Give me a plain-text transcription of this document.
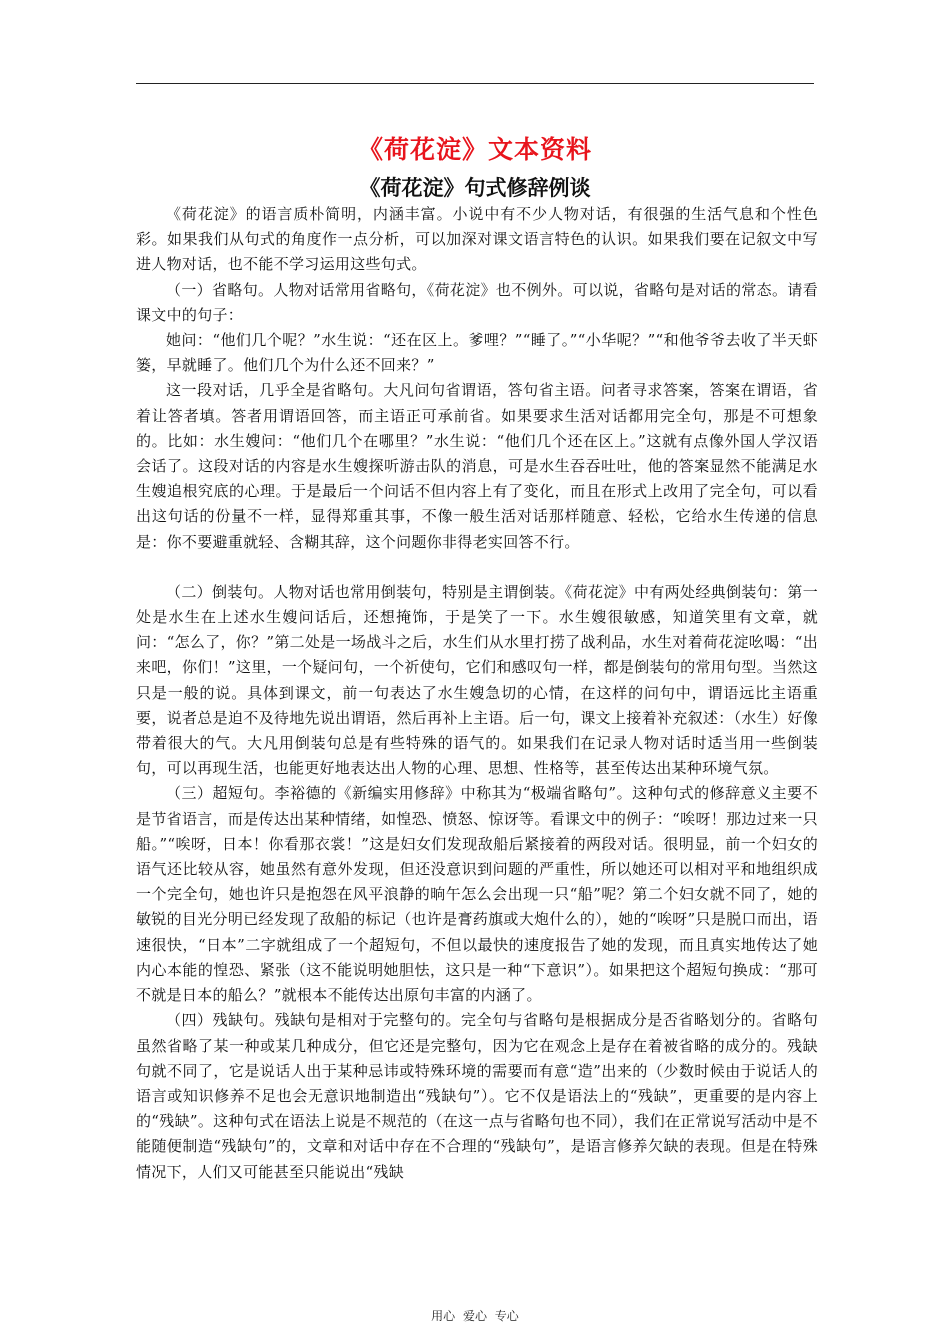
《荷花淀》文本资料
《荷花淀》句式修辞例谈

《荷花淀》的语言质朴简明，内涵丰富。小说中有不少人物对话，有很强的生活气息和个性色彩。如果我们从句式的角度作一点分析，可以加深对课文语言特色的认识。如果我们要在记叙文中写进人物对话，也不能不学习运用这些句式。

（一）省略句。人物对话常用省略句，《荷花淀》也不例外。可以说，省略句是对话的常态。请看课文中的句子：

她问：“他们几个呢？”水生说：“还在区上。爹哩？”“睡了。”“小华呢？”“和他爷爷去收了半天虾篓，早就睡了。他们几个为什么还不回来？”

这一段对话，几乎全是省略句。大凡问句省谓语，答句省主语。问者寻求答案，答案在谓语，省着让答者填。答者用谓语回答，而主语正可承前省。如果要求生活对话都用完全句，那是不可想象的。比如：水生嫂问：“他们几个在哪里？”水生说：“他们几个还在区上。”这就有点像外国人学汉语会话了。这段对话的内容是水生嫂探听游击队的消息，可是水生吞吞吐吐，他的答案显然不能满足水生嫂追根究底的心理。于是最后一个问话不但内容上有了变化，而且在形式上改用了完全句，可以看出这句话的份量不一样，显得郑重其事，不像一般生活对话那样随意、轻松，它给水生传递的信息是：你不要避重就轻、含糊其辞，这个问题你非得老实回答不行。

（二）倒装句。人物对话也常用倒装句，特别是主谓倒装。《荷花淀》中有两处经典倒装句：第一处是水生在上述水生嫂问话后，还想掩饰，于是笑了一下。水生嫂很敏感，知道笑里有文章，就问：“怎么了，你？”第二处是一场战斗之后，水生们从水里打捞了战利品，水生对着荷花淀吆喝：“出来吧，你们！”这里，一个疑问句，一个祈使句，它们和感叹句一样，都是倒装句的常用句型。当然这只是一般的说。具体到课文，前一句表达了水生嫂急切的心情，在这样的问句中，谓语远比主语重要，说者总是迫不及待地先说出谓语，然后再补上主语。后一句，课文上接着补充叙述：（水生）好像带着很大的气。大凡用倒装句总是有些特殊的语气的。如果我们在记录人物对话时适当用一些倒装句，可以再现生活，也能更好地表达出人物的心理、思想、性格等，甚至传达出某种环境气氛。

（三）超短句。李裕德的《新编实用修辞》中称其为“极端省略句”。这种句式的修辞意义主要不是节省语言，而是传达出某种情绪，如惶恐、愤怒、惊讶等。看课文中的例子：“唉呀！那边过来一只船。”“唉呀，日本！你看那衣裳！”这是妇女们发现敌船后紧接着的两段对话。很明显，前一个妇女的语气还比较从容，她虽然有意外发现，但还没意识到问题的严重性，所以她还可以相对平和地组织成一个完全句，她也许只是抱怨在风平浪静的晌午怎么会出现一只“船”呢？第二个妇女就不同了，她的敏锐的目光分明已经发现了敌船的标记（也许是膏药旗或大炮什么的），她的“唉呀”只是脱口而出，语速很快，“日本”二字就组成了一个超短句，不但以最快的速度报告了她的发现，而且真实地传达了她内心本能的惶恐、紧张（这不能说明她胆怯，这只是一种“下意识”）。如果把这个超短句换成：“那可不就是日本的船么？”就根本不能传达出原句丰富的内涵了。

（四）残缺句。残缺句是相对于完整句的。完全句与省略句是根据成分是否省略划分的。省略句虽然省略了某一种或某几种成分，但它还是完整句，因为它在观念上是存在着被省略的成分的。残缺句就不同了，它是说话人出于某种忌讳或特殊环境的需要而有意“造”出来的（少数时候由于说话人的语言或知识修养不足也会无意识地制造出“残缺句”）。它不仅是语法上的“残缺”，更重要的是内容上的“残缺”。这种句式在语法上说是不规范的（在这一点与省略句也不同），我们在正常说写活动中是不能随便制造“残缺句”的，文章和对话中存在不合理的“残缺句”，是语言修养欠缺的表现。但是在特殊情况下，人们又可能甚至只能说出“残缺

用心 爱心 专心
